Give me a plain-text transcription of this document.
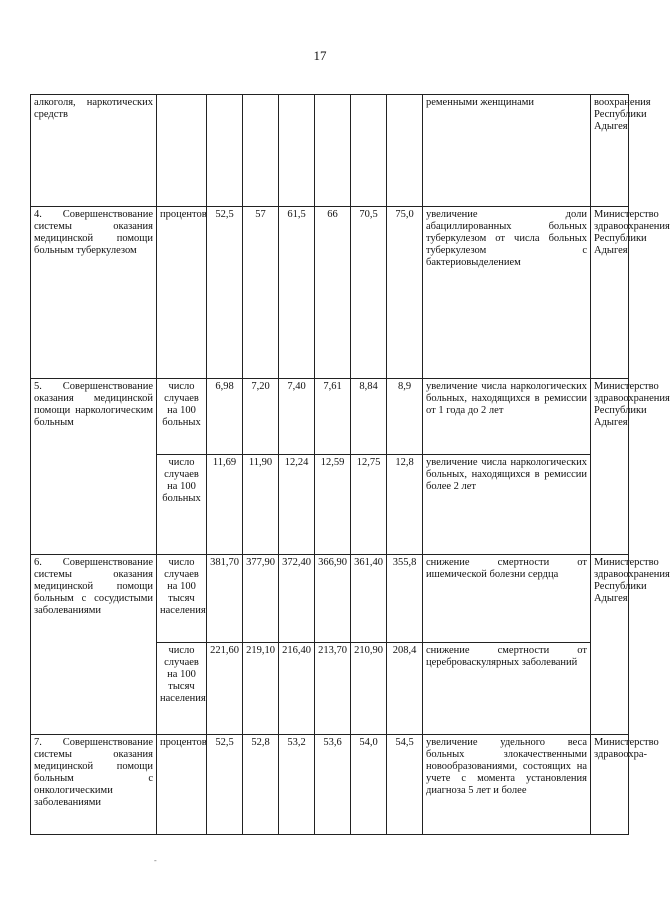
17
алкоголя, наркотических средств								ременными женщинами	воохранения Республики Адыгея
4. Совершенствование системы оказания медицинской помощи больным туберкулезом	процентов	52,5	57	61,5	66	70,5	75,0	увеличение доли абациллированных больных туберкулезом от числа больных туберкулезом с бактериовыделением	Министерство здравоохранения Республики Адыгея
5. Совершенствование оказания медицинской помощи наркологическим больным	число случаев на 100 больных	6,98	7,20	7,40	7,61	8,84	8,9	увеличение числа наркологических больных, находящихся в ремиссии от 1 года до 2 лет	Министерство здравоохранения Республики Адыгея
	число случаев на 100 больных	11,69	11,90	12,24	12,59	12,75	12,8	увеличение числа наркологических больных, находящихся в ремиссии более 2 лет	
6. Совершенствование системы оказания медицинской помощи больным с сосудистыми заболеваниями	число случаев на 100 тысяч населения	381,70	377,90	372,40	366,90	361,40	355,8	снижение смертности от ишемической болезни сердца	Министерство здравоохранения Республики Адыгея
	число случаев на 100 тысяч населения	221,60	219,10	216,40	213,70	210,90	208,4	снижение смертности от цереброваскулярных заболеваний	
7. Совершенствование системы оказания медицинской помощи больным с онкологическими заболеваниями	процентов	52,5	52,8	53,2	53,6	54,0	54,5	увеличение удельного веса больных злокачественными новообразованиями, состоящих на учете с момента установления диагноза 5 лет и более	Министерство здравоохра-
-
